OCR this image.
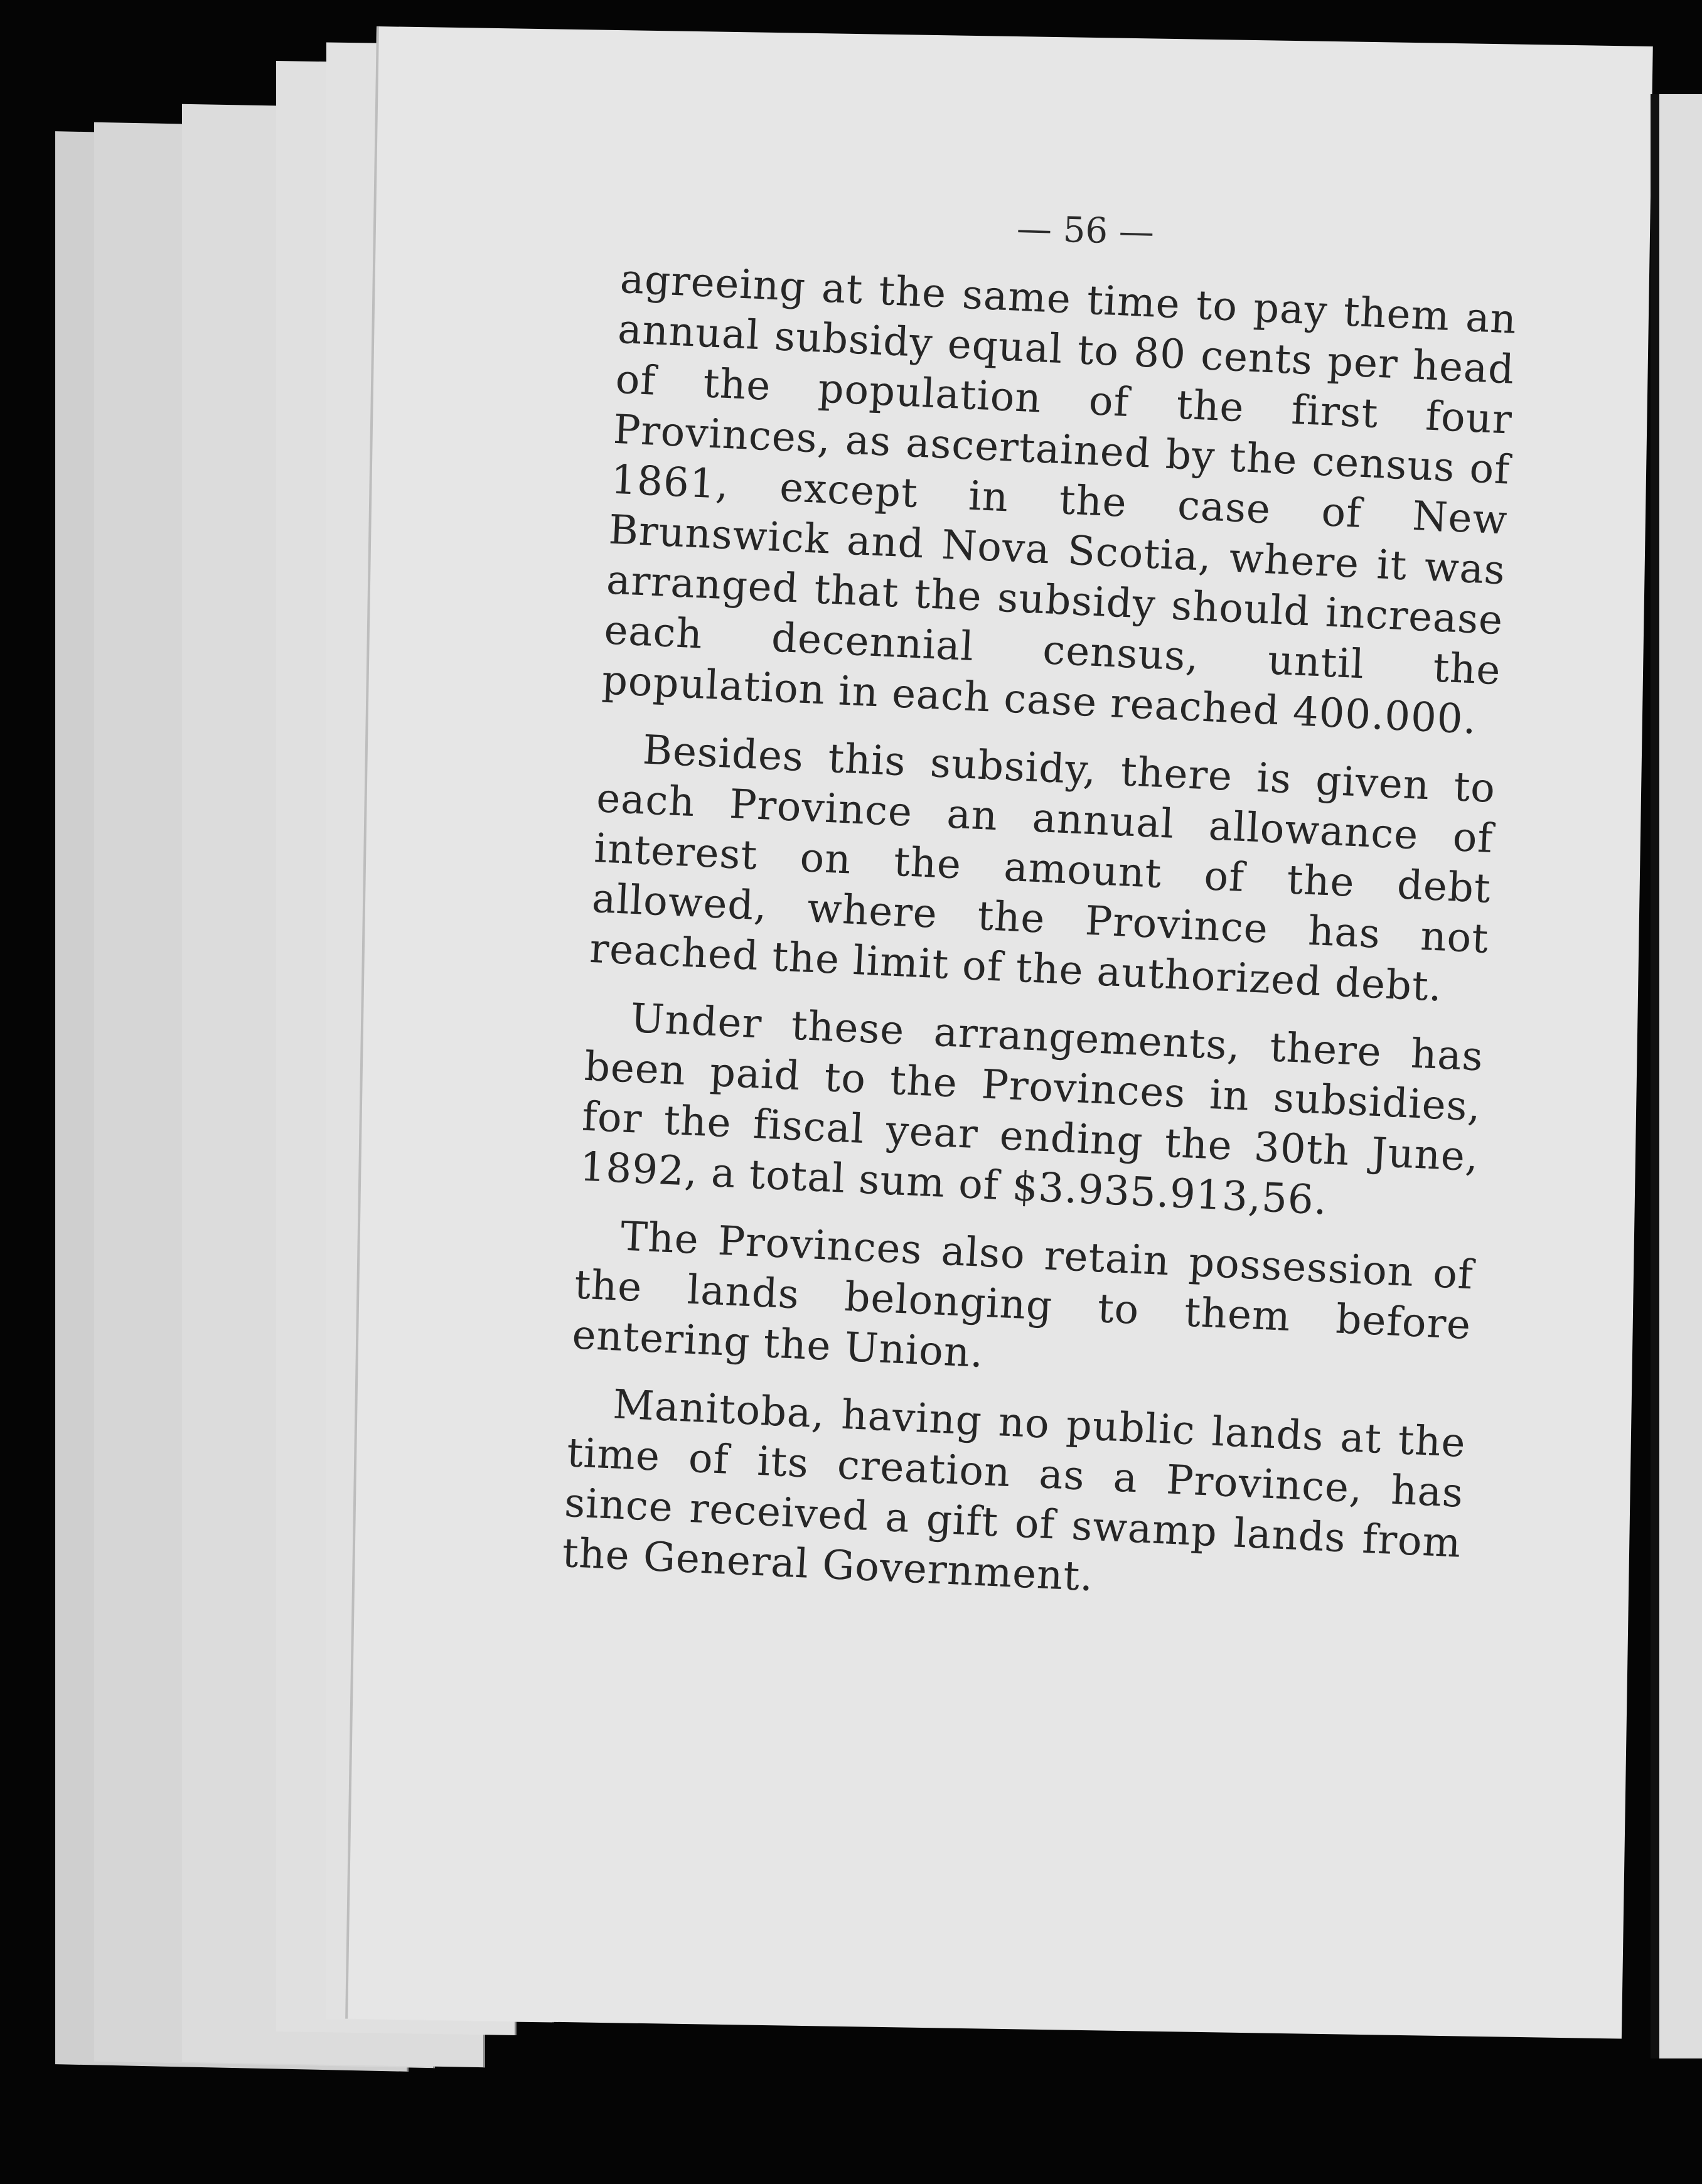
— 56 —

agreeing at the same time to pay them an annual subsidy equal to 80 cents per head of the population of the first four Provinces, as ascertained by the census of 1861, except in the case of New Brunswick and Nova Scotia, where it was arranged that the subsidy should increase each decennial census, until the population in each case reached 400.000.

Besides this subsidy, there is given to each Province an annual allowance of interest on the amount of the debt allowed, where the Province has not reached the limit of the authorized debt.

Under these arrangements, there has been paid to the Provinces in subsidies, for the fiscal year ending the 30th June, 1892, a total sum of $3.935.913,56.

The Provinces also retain possession of the lands belonging to them before entering the Union.

Manitoba, having no public lands at the time of its creation as a Province, has since received a gift of swamp lands from the General Government.
